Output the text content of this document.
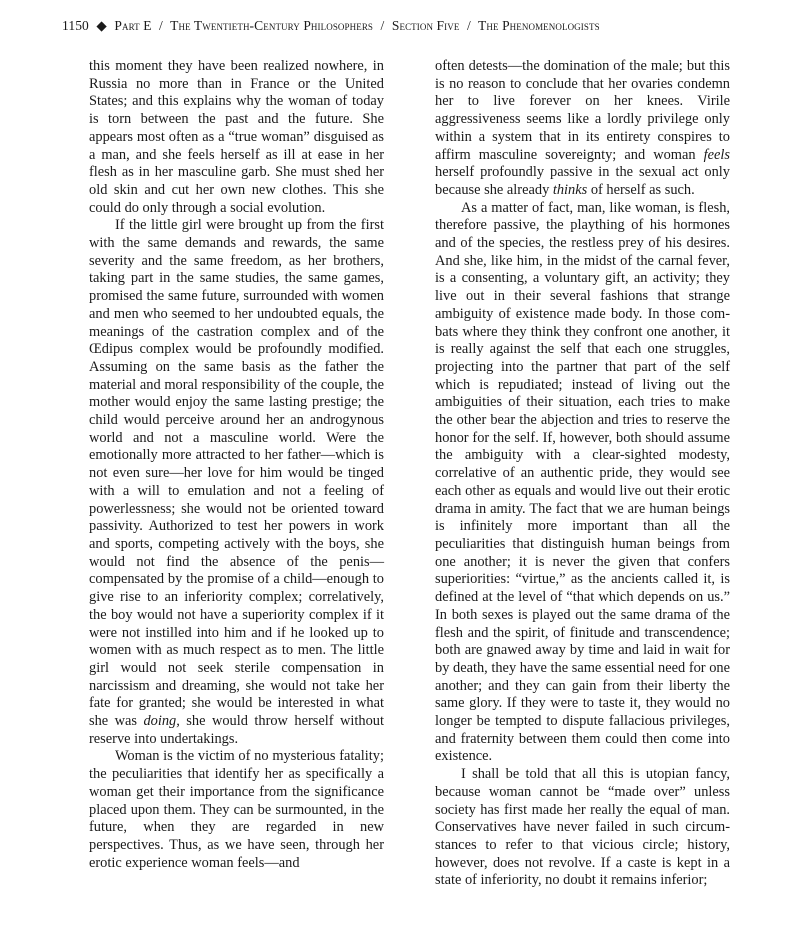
1150 ◆ Part E / The Twentieth-Century Philosophers / Section Five / The Phenomenologists

this moment they have been realized nowhere, in Russia no more than in France or the United States; and this explains why the woman of today is torn between the past and the future. She appears most often as a “true woman” disguised as a man, and she feels herself as ill at ease in her flesh as in her masculine garb. She must shed her old skin and cut her own new clothes. This she could do only through a social evolution.

If the little girl were brought up from the first with the same demands and rewards, the same severity and the same freedom, as her brothers, taking part in the same studies, the same games, promised the same future, surrounded with women and men who seemed to her undoubted equals, the meanings of the castration complex and of the Œdipus complex would be profoundly modified. Assuming on the same basis as the father the material and moral responsibility of the couple, the mother would enjoy the same lasting prestige; the child would perceive around her an androgynous world and not a masculine world. Were the emotionally more attracted to her father—which is not even sure—her love for him would be tinged with a will to emulation and not a feeling of powerlessness; she would not be oriented toward passivity. Authorized to test her powers in work and sports, competing actively with the boys, she would not find the absence of the penis—compensated by the promise of a child—enough to give rise to an inferiority complex; correlatively, the boy would not have a superiority complex if it were not instilled into him and if he looked up to women with as much respect as to men. The little girl would not seek sterile compensation in narcissism and dreaming, she would not take her fate for granted; she would be interested in what she was doing, she would throw herself without reserve into undertakings.

Woman is the victim of no mysterious fatality; the peculiarities that identify her as specifically a woman get their importance from the significance placed upon them. They can be surmounted, in the future, when they are regarded in new perspectives. Thus, as we have seen, through her erotic experience woman feels—and

often detests—the domination of the male; but this is no reason to conclude that her ovaries condemn her to live forever on her knees. Virile aggressiveness seems like a lordly privilege only within a system that in its entirety conspires to affirm masculine sovereignty; and woman feels herself profoundly passive in the sexual act only because she already thinks of herself as such.

As a matter of fact, man, like woman, is flesh, therefore passive, the plaything of his hormones and of the species, the restless prey of his desires. And she, like him, in the midst of the carnal fever, is a consenting, a voluntary gift, an activity; they live out in their several fashions that strange ambiguity of existence made body. In those combats where they think they confront one another, it is really against the self that each one struggles, projecting into the partner that part of the self which is repudiated; instead of living out the ambiguities of their situation, each tries to make the other bear the abjection and tries to reserve the honor for the self. If, however, both should assume the ambiguity with a clear-sighted modesty, correlative of an authentic pride, they would see each other as equals and would live out their erotic drama in amity. The fact that we are human beings is infinitely more important than all the peculiarities that distinguish human beings from one another; it is never the given that confers superiorities: “virtue,” as the ancients called it, is defined at the level of “that which depends on us.” In both sexes is played out the same drama of the flesh and the spirit, of finitude and transcendence; both are gnawed away by time and laid in wait for by death, they have the same essential need for one another; and they can gain from their liberty the same glory. If they were to taste it, they would no longer be tempted to dispute fallacious privileges, and fraternity between them could then come into existence.

I shall be told that all this is utopian fancy, because woman cannot be “made over” unless society has first made her really the equal of man. Conservatives have never failed in such circumstances to refer to that vicious circle; history, however, does not revolve. If a caste is kept in a state of inferiority, no doubt it remains inferior;
